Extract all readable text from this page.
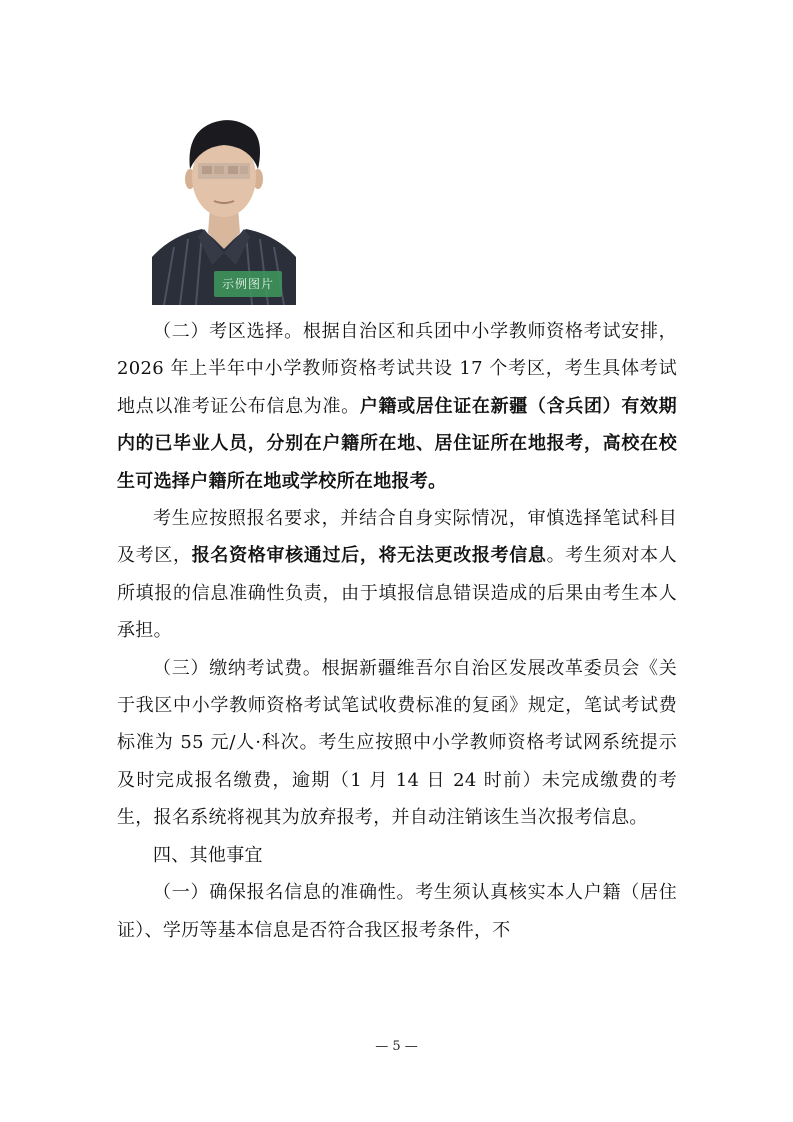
示例图片

（二）考区选择。根据自治区和兵团中小学教师资格考试安排，2026 年上半年中小学教师资格考试共设 17 个考区，考生具体考试地点以准考证公布信息为准。户籍或居住证在新疆（含兵团）有效期内的已毕业人员，分别在户籍所在地、居住证所在地报考，高校在校生可选择户籍所在地或学校所在地报考。

考生应按照报名要求，并结合自身实际情况，审慎选择笔试科目及考区，报名资格审核通过后，将无法更改报考信息。考生须对本人所填报的信息准确性负责，由于填报信息错误造成的后果由考生本人承担。

（三）缴纳考试费。根据新疆维吾尔自治区发展改革委员会《关于我区中小学教师资格考试笔试收费标准的复函》规定，笔试考试费标准为 55 元/人·科次。考生应按照中小学教师资格考试网系统提示及时完成报名缴费，逾期（1 月 14 日 24 时前）未完成缴费的考生，报名系统将视其为放弃报考，并自动注销该生当次报考信息。

四、其他事宜

（一）确保报名信息的准确性。考生须认真核实本人户籍（居住证）、学历等基本信息是否符合我区报考条件，不

— 5 —
